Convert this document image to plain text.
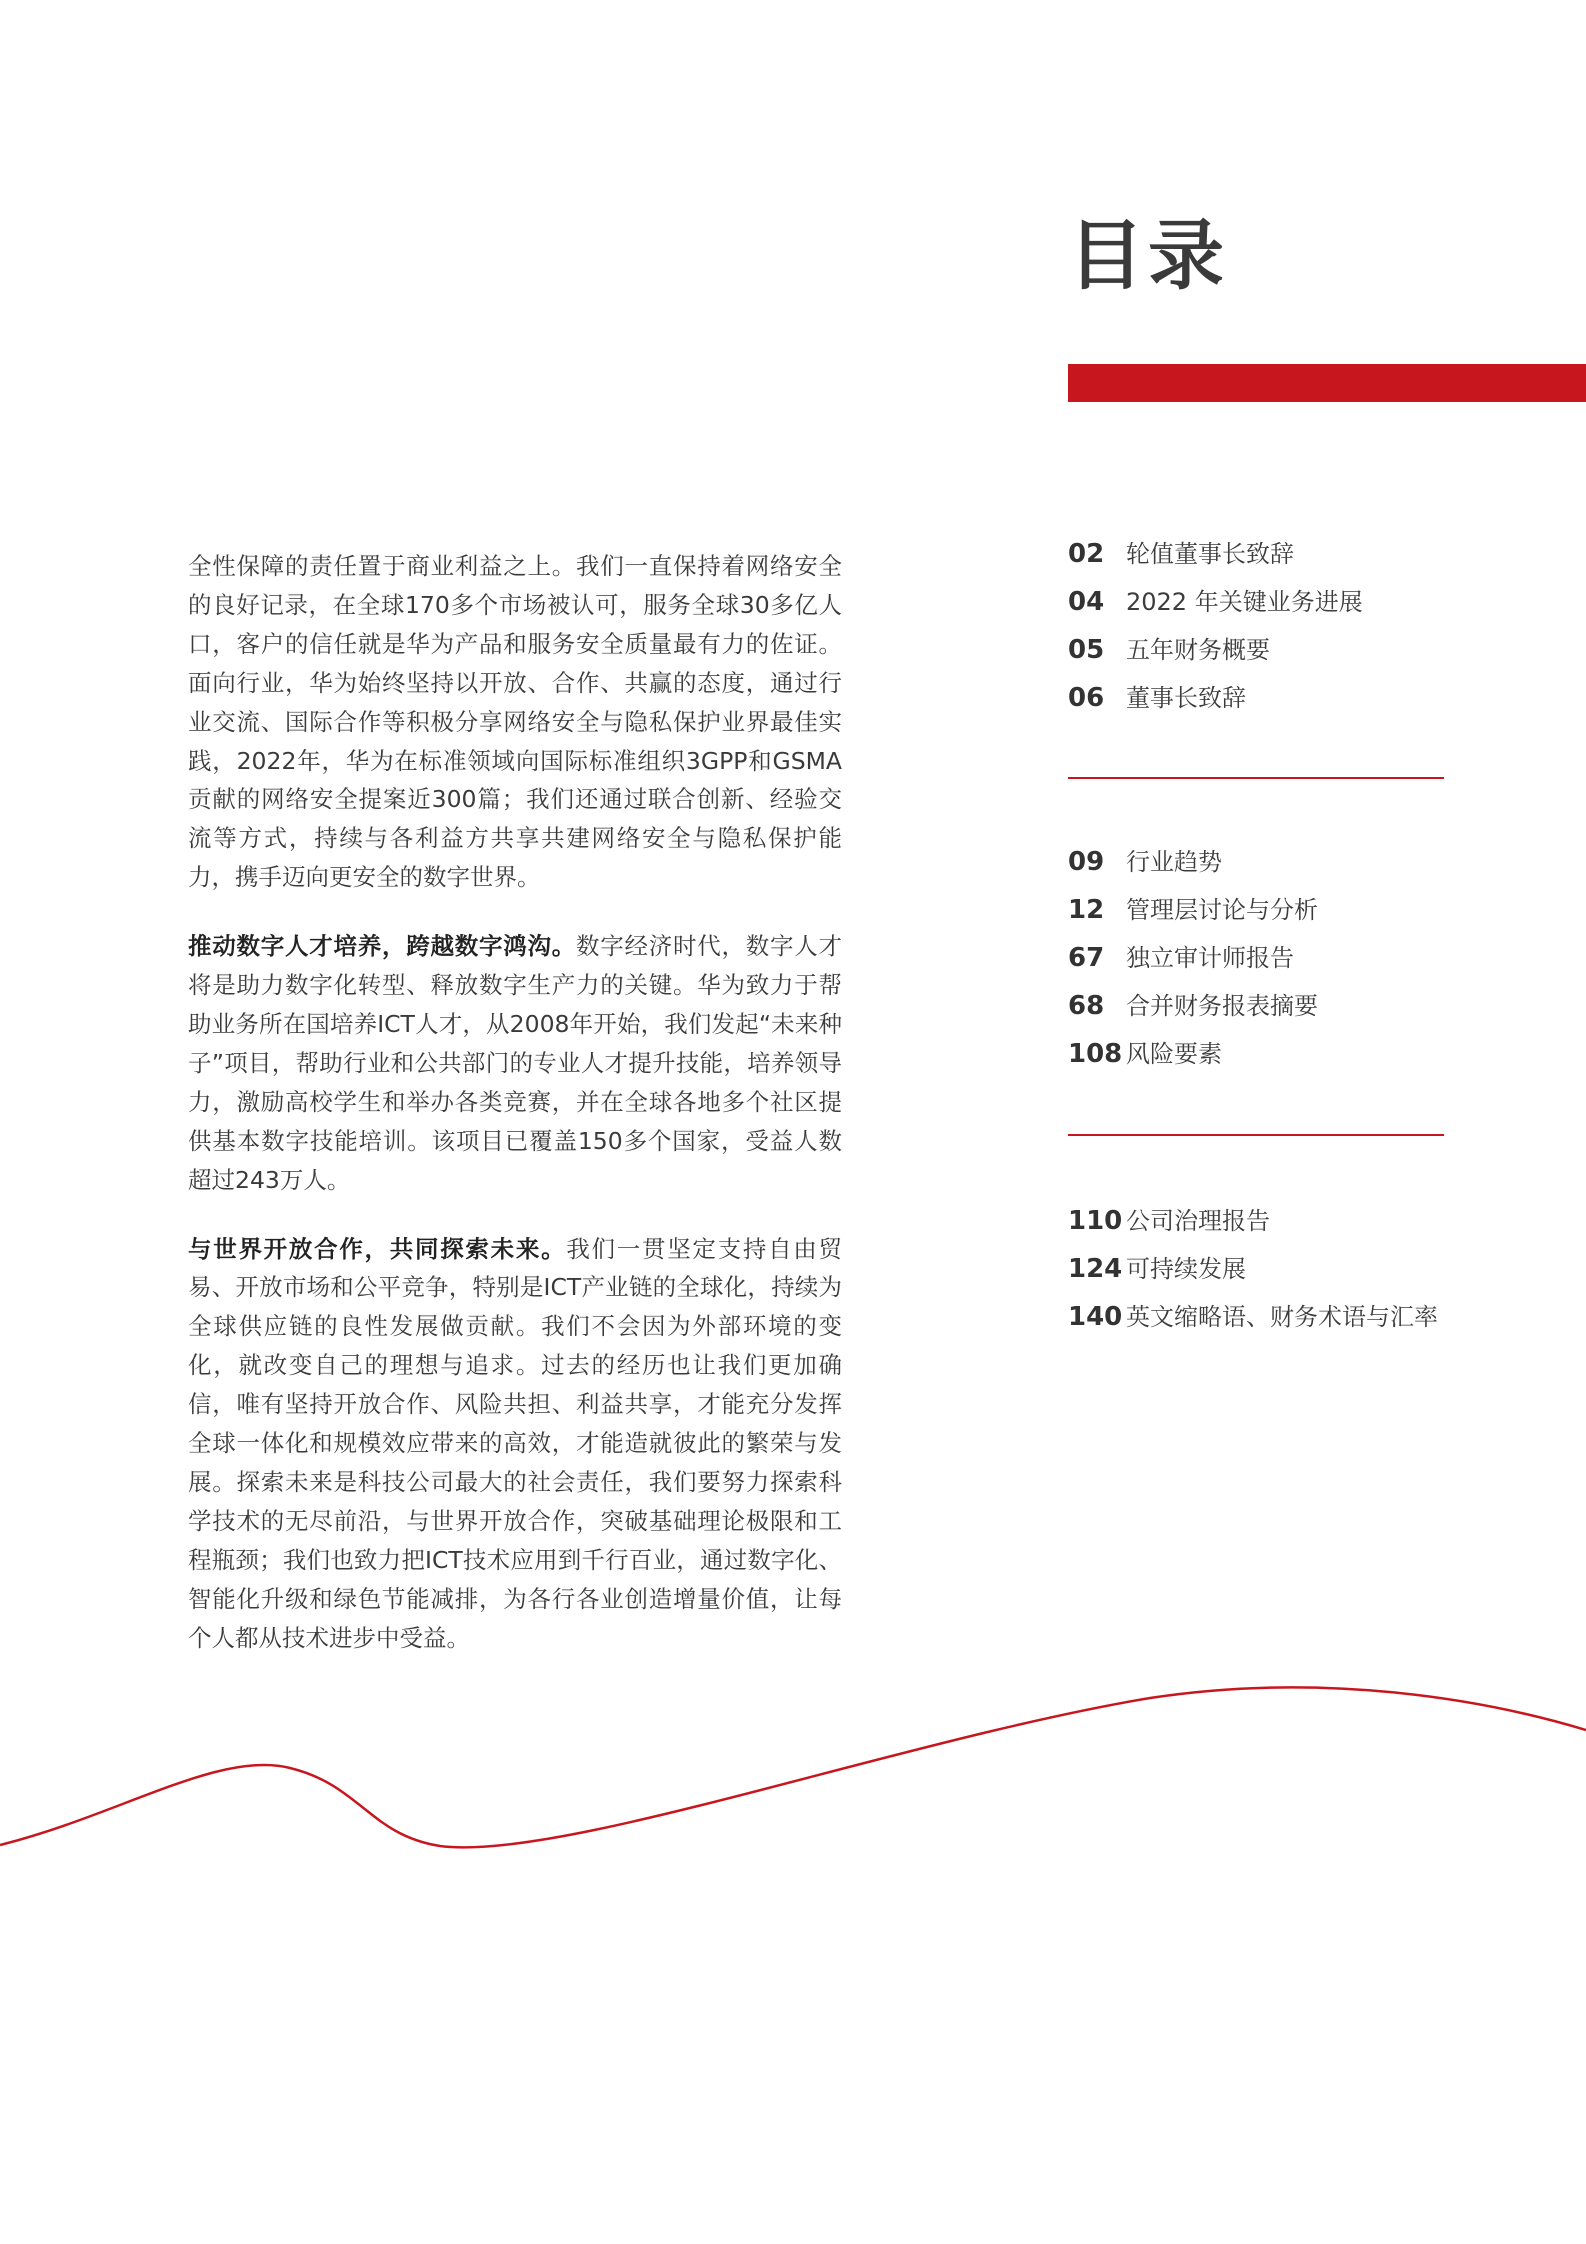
目录
02 轮值董事长致辞
04 2022 年关键业务进展
05 五年财务概要
06 董事长致辞
09 行业趋势
12 管理层讨论与分析
67 独立审计师报告
68 合并财务报表摘要
108 风险要素
110 公司治理报告
124 可持续发展
140 英文缩略语、财务术语与汇率

全性保障的责任置于商业利益之上。我们一直保持着网络安全的良好记录，在全球170多个市场被认可，服务全球30多亿人口，客户的信任就是华为产品和服务安全质量最有力的佐证。面向行业，华为始终坚持以开放、合作、共赢的态度，通过行业交流、国际合作等积极分享网络安全与隐私保护业界最佳实践，2022年，华为在标准领域向国际标准组织3GPP和GSMA贡献的网络安全提案近300篇；我们还通过联合创新、经验交流等方式，持续与各利益方共享共建网络安全与隐私保护能力，携手迈向更安全的数字世界。

推动数字人才培养，跨越数字鸿沟。数字经济时代，数字人才将是助力数字化转型、释放数字生产力的关键。华为致力于帮助业务所在国培养ICT人才，从2008年开始，我们发起“未来种子”项目，帮助行业和公共部门的专业人才提升技能，培养领导力，激励高校学生和举办各类竞赛，并在全球各地多个社区提供基本数字技能培训。该项目已覆盖150多个国家，受益人数超过243万人。

与世界开放合作，共同探索未来。我们一贯坚定支持自由贸易、开放市场和公平竞争，特别是ICT产业链的全球化，持续为全球供应链的良性发展做贡献。我们不会因为外部环境的变化，就改变自己的理想与追求。过去的经历也让我们更加确信，唯有坚持开放合作、风险共担、利益共享，才能充分发挥全球一体化和规模效应带来的高效，才能造就彼此的繁荣与发展。探索未来是科技公司最大的社会责任，我们要努力探索科学技术的无尽前沿，与世界开放合作，突破基础理论极限和工程瓶颈；我们也致力把ICT技术应用到千行百业，通过数字化、智能化升级和绿色节能减排，为各行各业创造增量价值，让每个人都从技术进步中受益。
